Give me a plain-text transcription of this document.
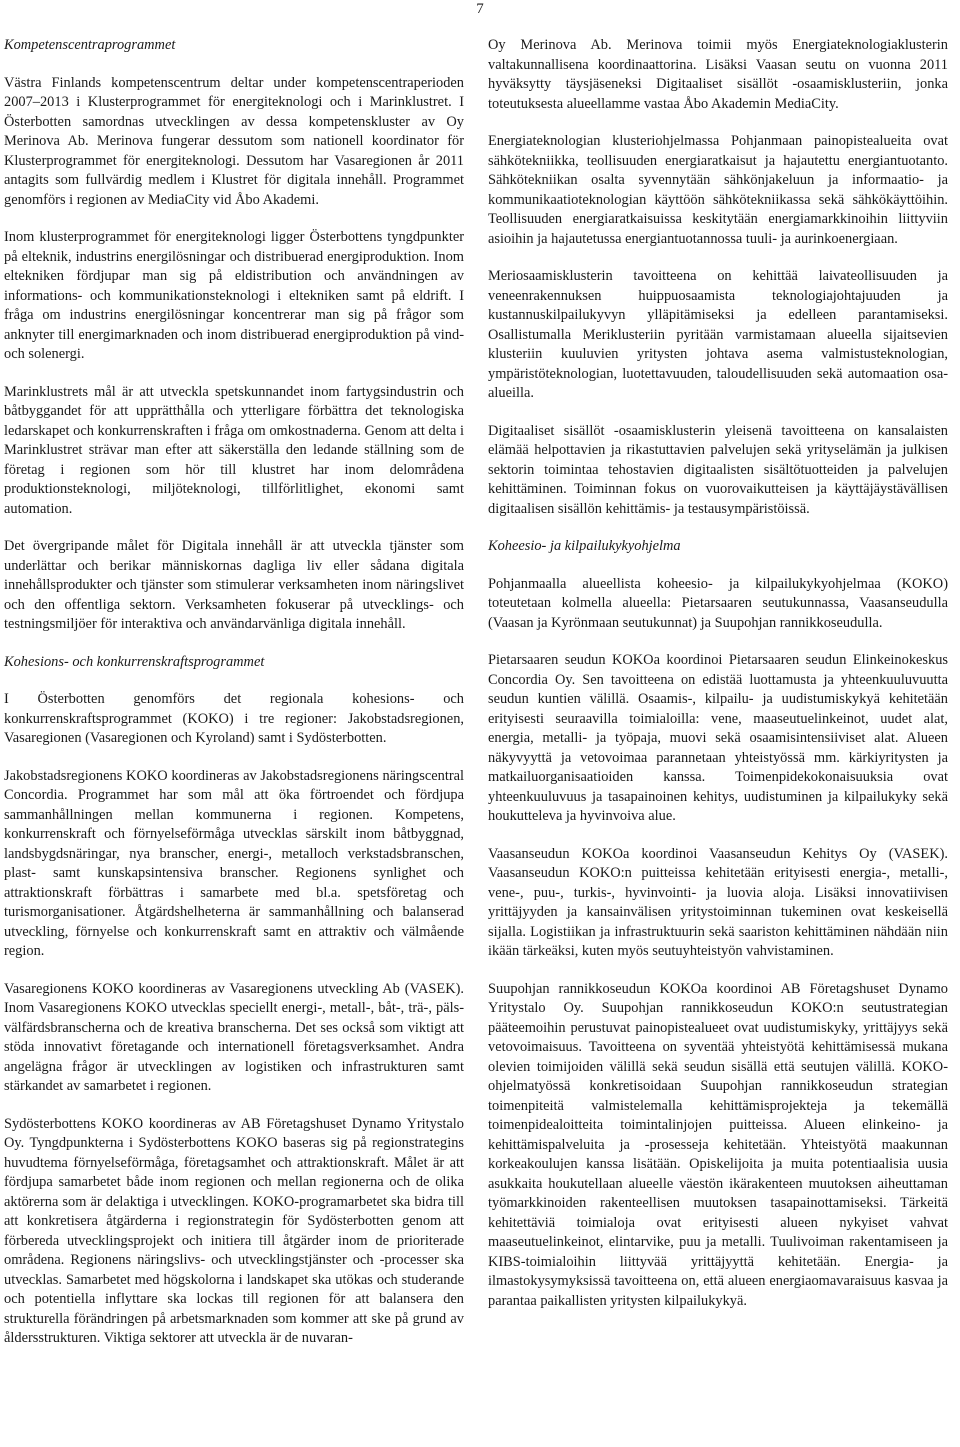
7

Kompetenscentraprogrammet

Västra Finlands kompetenscentrum deltar under kompetenscentraperioden 2007–2013 i Klusterprogrammet för energiteknologi och i Marinklustret. I Österbotten samordnas utvecklingen av dessa kompetenskluster av Oy Merinova Ab. Merinova fungerar dessutom som nationell koordinator för Klusterprogrammet för energiteknologi. Dessutom har Vasaregionen år 2011 antagits som fullvärdig medlem i Klustret för digitala innehåll. Programmet genomförs i regionen av MediaCity vid Åbo Akademi.

Inom klusterprogrammet för energiteknologi ligger Österbottens tyngdpunkter på elteknik, industrins energilösningar och distribuerad energiproduktion. Inom eltekniken fördjupar man sig på eldistribution och användningen av informations- och kommunikationsteknologi i eltekniken samt på eldrift. I fråga om industrins energilösningar koncentrerar man sig på frågor som anknyter till energimarknaden och inom distribuerad energiproduktion på vind- och solenergi.

Marinklustrets mål är att utveckla spetskunnandet inom fartygsindustrin och båtbyggandet för att upprätthålla och ytterligare förbättra det teknologiska ledarskapet och konkurrenskraften i fråga om omkostnaderna. Genom att delta i Marinklustret strävar man efter att säkerställa den ledande ställning som de företag i regionen som hör till klustret har inom delområdena produktionsteknologi, miljöteknologi, tillförlitlighet, ekonomi samt automation.

Det övergripande målet för Digitala innehåll är att utveckla tjänster som underlättar och berikar människornas dagliga liv eller sådana digitala innehållsprodukter och tjänster som stimulerar verksamheten inom näringslivet och den offentliga sektorn. Verksamheten fokuserar på utvecklings- och testningsmiljöer för interaktiva och användarvänliga digitala innehåll.

Kohesions- och konkurrenskraftsprogrammet

I Österbotten genomförs det regionala kohesions- och konkurrenskraftsprogrammet (KOKO) i tre regioner: Jakobstadsregionen, Vasaregionen (Vasaregionen och Kyroland) samt i Sydösterbotten.

Jakobstadsregionens KOKO koordineras av Jakobstadsregionens näringscentral Concordia. Programmet har som mål att öka förtroendet och fördjupa sammanhållningen mellan kommunerna i regionen. Kompetens, konkurrenskraft och förnyelseförmåga utvecklas särskilt inom båtbyggnad, landsbygdsnäringar, nya branscher, energi-, metalloch verkstadsbranschen, plast- samt kunskapsintensiva branscher. Regionens synlighet och attraktionskraft förbättras i samarbete med bl.a. spetsföretag och turismorganisationer. Åtgärdshelheterna är sammanhållning och balanserad utveckling, förnyelse och konkurrenskraft samt en attraktiv och välmående region.

Vasaregionens KOKO koordineras av Vasaregionens utveckling Ab (VASEK). Inom Vasaregionens KOKO utvecklas speciellt energi-, metall-, båt-, trä-, päls- välfärdsbranscherna och de kreativa branscherna. Det ses också som viktigt att stöda innovativt företagande och internationell företagsverksamhet. Andra angelägna frågor är utvecklingen av logistiken och infrastrukturen samt stärkandet av samarbetet i regionen.

Sydösterbottens KOKO koordineras av AB Företagshuset Dynamo Yritystalo Oy. Tyngdpunkterna i Sydösterbottens KOKO baseras sig på regionstrategins huvudtema förnyelseförmåga, företagsamhet och attraktionskraft. Målet är att fördjupa samarbetet både inom regionen och mellan regionerna och de olika aktörerna som är delaktiga i utvecklingen. KOKO-programarbetet ska bidra till att konkretisera åtgärderna i regionstrategin för Sydösterbotten genom att förbereda utvecklingsprojekt och initiera till åtgärder inom de prioriterade områdena. Regionens näringslivs- och utvecklingstjänster och -processer ska utvecklas. Samarbetet med högskolorna i landskapet ska utökas och studerande och potentiella inflyttare ska lockas till regionen för att balansera den strukturella förändringen på arbetsmarknaden som kommer att ske på grund av åldersstrukturen. Viktiga sektorer att utveckla är de nuvaran-

Oy Merinova Ab. Merinova toimii myös Energiateknologiaklusterin valtakunnallisena koordinaattorina. Lisäksi Vaasan seutu on vuonna 2011 hyväksytty täysjäseneksi Digitaaliset sisällöt -osaamisklusteriin, jonka toteutuksesta alueellamme vastaa Åbo Akademin MediaCity.

Energiateknologian klusteriohjelmassa Pohjanmaan painopistealueita ovat sähkötekniikka, teollisuuden energiaratkaisut ja hajautettu energiantuotanto. Sähkötekniikan osalta syvennytään sähkönjakeluun ja informaatio- ja kommunikaatioteknologian käyttöön sähkötekniikassa sekä sähkökäyttöihin. Teollisuuden energiaratkaisuissa keskitytään energiamarkkinoihin liittyviin asioihin ja hajautetussa energiantuotannossa tuuli- ja aurinkoenergiaan.

Meriosaamisklusterin tavoitteena on kehittää laivateollisuuden ja veneenrakennuksen huippuosaamista teknologiajohtajuuden ja kustannuskilpailukyvyn ylläpitämiseksi ja edelleen parantamiseksi. Osallistumalla Meriklusteriin pyritään varmistamaan alueella sijaitsevien klusteriin kuuluvien yritysten johtava asema valmistusteknologian, ympäristöteknologian, luotettavuuden, taloudellisuuden sekä automaation osa-alueilla.

Digitaaliset sisällöt -osaamisklusterin yleisenä tavoitteena on kansalaisten elämää helpottavien ja rikastuttavien palvelujen sekä yrityselämän ja julkisen sektorin toimintaa tehostavien digitaalisten sisältötuotteiden ja palvelujen kehittäminen. Toiminnan fokus on vuorovaikutteisen ja käyttäjäystävällisen digitaalisen sisällön kehittämis- ja testausympäristöissä.

Koheesio- ja kilpailukykyohjelma

Pohjanmaalla alueellista koheesio- ja kilpailukykyohjelmaa (KOKO) toteutetaan kolmella alueella: Pietarsaaren seutukunnassa, Vaasanseudulla (Vaasan ja Kyrönmaan seutukunnat) ja Suupohjan rannikkoseudulla.

Pietarsaaren seudun KOKOa koordinoi Pietarsaaren seudun Elinkeinokeskus Concordia Oy. Sen tavoitteena on edistää luottamusta ja yhteenkuuluvuutta seudun kuntien välillä. Osaamis-, kilpailu- ja uudistumiskykyä kehitetään erityisesti seuraavilla toimialoilla: vene, maaseutuelinkeinot, uudet alat, energia, metalli- ja työpaja, muovi sekä osaamisintensiiviset alat. Alueen näkyvyyttä ja vetovoimaa parannetaan yhteistyössä mm. kärkiyritysten ja matkailuorganisaatioiden kanssa. Toimenpidekokonaisuuksia ovat yhteenkuuluvuus ja tasapainoinen kehitys, uudistuminen ja kilpailukyky sekä houkutteleva ja hyvinvoiva alue.

Vaasanseudun KOKOa koordinoi Vaasanseudun Kehitys Oy (VASEK). Vaasanseudun KOKO:n puitteissa kehitetään erityisesti energia-, metalli-, vene-, puu-, turkis-, hyvinvointi- ja luovia aloja. Lisäksi innovatiivisen yrittäjyyden ja kansainvälisen yritystoiminnan tukeminen ovat keskeisellä sijalla. Logistiikan ja infrastruktuurin sekä saariston kehittäminen nähdään niin ikään tärkeäksi, kuten myös seutuyhteistyön vahvistaminen.

Suupohjan rannikkoseudun KOKOa koordinoi AB Företagshuset Dynamo Yritystalo Oy. Suupohjan rannikkoseudun KOKO:n seutustrategian pääteemoihin perustuvat painopistealueet ovat uudistumiskyky, yrittäjyys sekä vetovoimaisuus. Tavoitteena on syventää yhteistyötä kehittämisessä mukana olevien toimijoiden välillä sekä seudun sisällä että seutujen välillä. KOKO-ohjelmatyössä konkretisoidaan Suupohjan rannikkoseudun strategian toimenpiteitä valmistelemalla kehittämisprojekteja ja tekemällä toimenpidealoitteita toimintalinjojen puitteissa. Alueen elinkeino- ja kehittämispalveluita ja -prosesseja kehitetään. Yhteistyötä maakunnan korkeakoulujen kanssa lisätään. Opiskelijoita ja muita potentiaalisia uusia asukkaita houkutellaan alueelle väestön ikärakenteen muutoksen aiheuttaman työmarkkinoiden rakenteellisen muutoksen tasapainottamiseksi. Tärkeitä kehitettäviä toimialoja ovat erityisesti alueen nykyiset vahvat maaseutuelinkeinot, elintarvike, puu ja metalli. Tuulivoiman rakentamiseen ja KIBS-toimialoihin liittyvää yrittäjyyttä kehitetään. Energia- ja ilmastokysymyksissä tavoitteena on, että alueen energiaomavaraisuus kasvaa ja parantaa paikallisten yritysten kilpailukykyä.
